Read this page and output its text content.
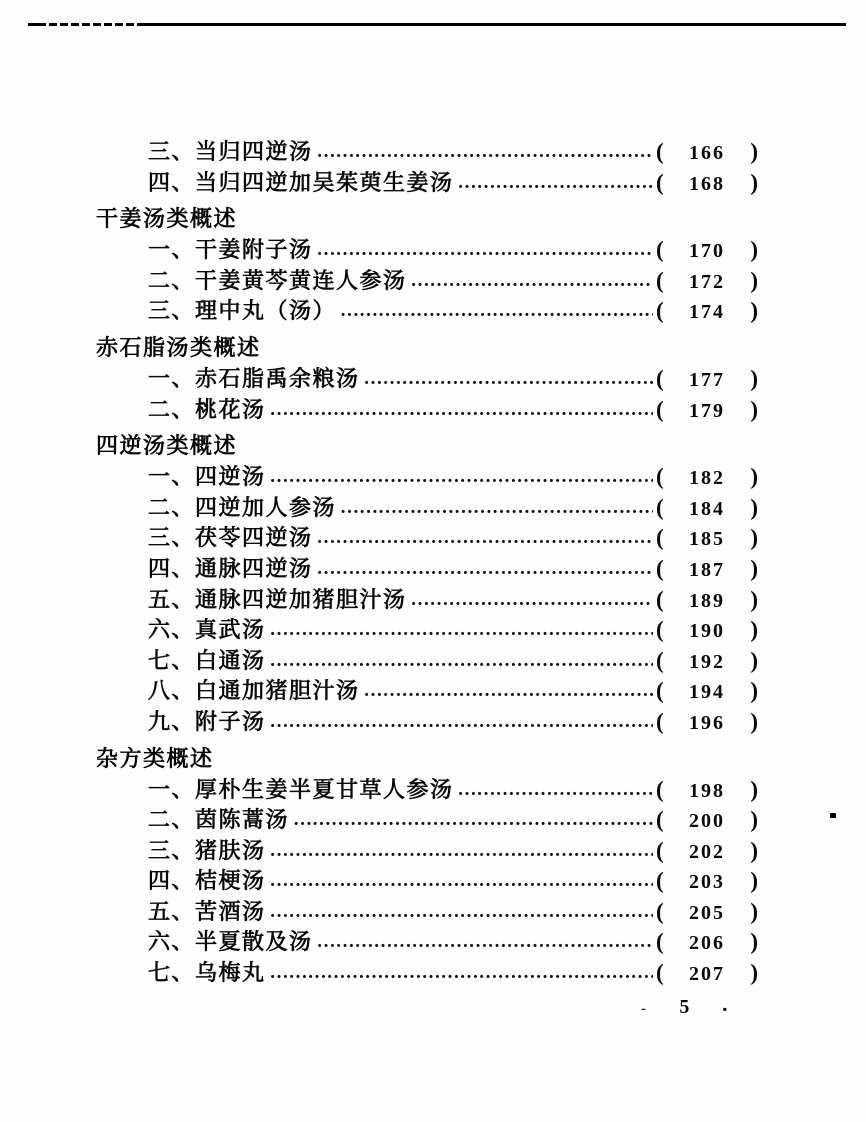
三、当归四逆汤 ……………………………………………………………………………………	( 166 )
四、当归四逆加吴茱萸生姜汤 ……………………………………………………………………………………	( 168 )
干姜汤类概述
一、干姜附子汤 ……………………………………………………………………………………	( 170 )
二、干姜黄芩黄连人参汤 ……………………………………………………………………………………	( 172 )
三、理中丸（汤） ……………………………………………………………………………………	( 174 )
赤石脂汤类概述
一、赤石脂禹余粮汤 ……………………………………………………………………………………	( 177 )
二、桃花汤 ……………………………………………………………………………………	( 179 )
四逆汤类概述
一、四逆汤 ……………………………………………………………………………………	( 182 )
二、四逆加人参汤 ……………………………………………………………………………………	( 184 )
三、茯苓四逆汤 ……………………………………………………………………………………	( 185 )
四、通脉四逆汤 ……………………………………………………………………………………	( 187 )
五、通脉四逆加猪胆汁汤 ……………………………………………………………………………………	( 189 )
六、真武汤 ……………………………………………………………………………………	( 190 )
七、白通汤 ……………………………………………………………………………………	( 192 )
八、白通加猪胆汁汤 ……………………………………………………………………………………	( 194 )
九、附子汤 ……………………………………………………………………………………	( 196 )
杂方类概述
一、厚朴生姜半夏甘草人参汤 ……………………………………………………………………………………	( 198 )
二、茵陈蒿汤 ……………………………………………………………………………………	( 200 )
三、猪肤汤 ……………………………………………………………………………………	( 202 )
四、桔梗汤 ……………………………………………………………………………………	( 203 )
五、苦酒汤 ……………………………………………………………………………………	( 205 )
六、半夏散及汤 ……………………………………………………………………………………	( 206 )
七、乌梅丸 ……………………………………………………………………………………	( 207 )
- 5	▪
